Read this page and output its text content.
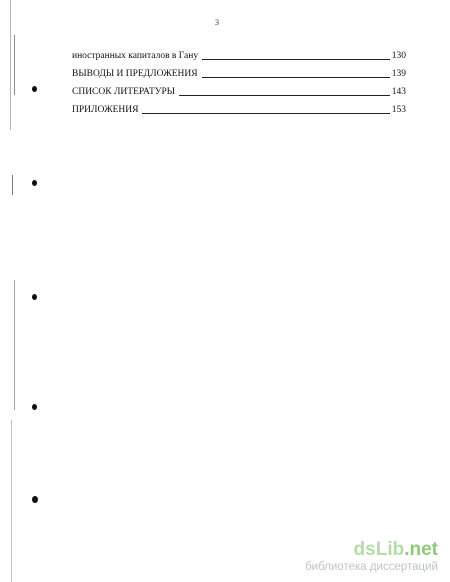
3
иностранных капиталов в Гану	130
ВЫВОДЫ И ПРЕДЛОЖЕНИЯ	139
СПИСОК ЛИТЕРАТУРЫ	143
ПРИЛОЖЕНИЯ	153
dsLib.net
библиотека диссертаций
